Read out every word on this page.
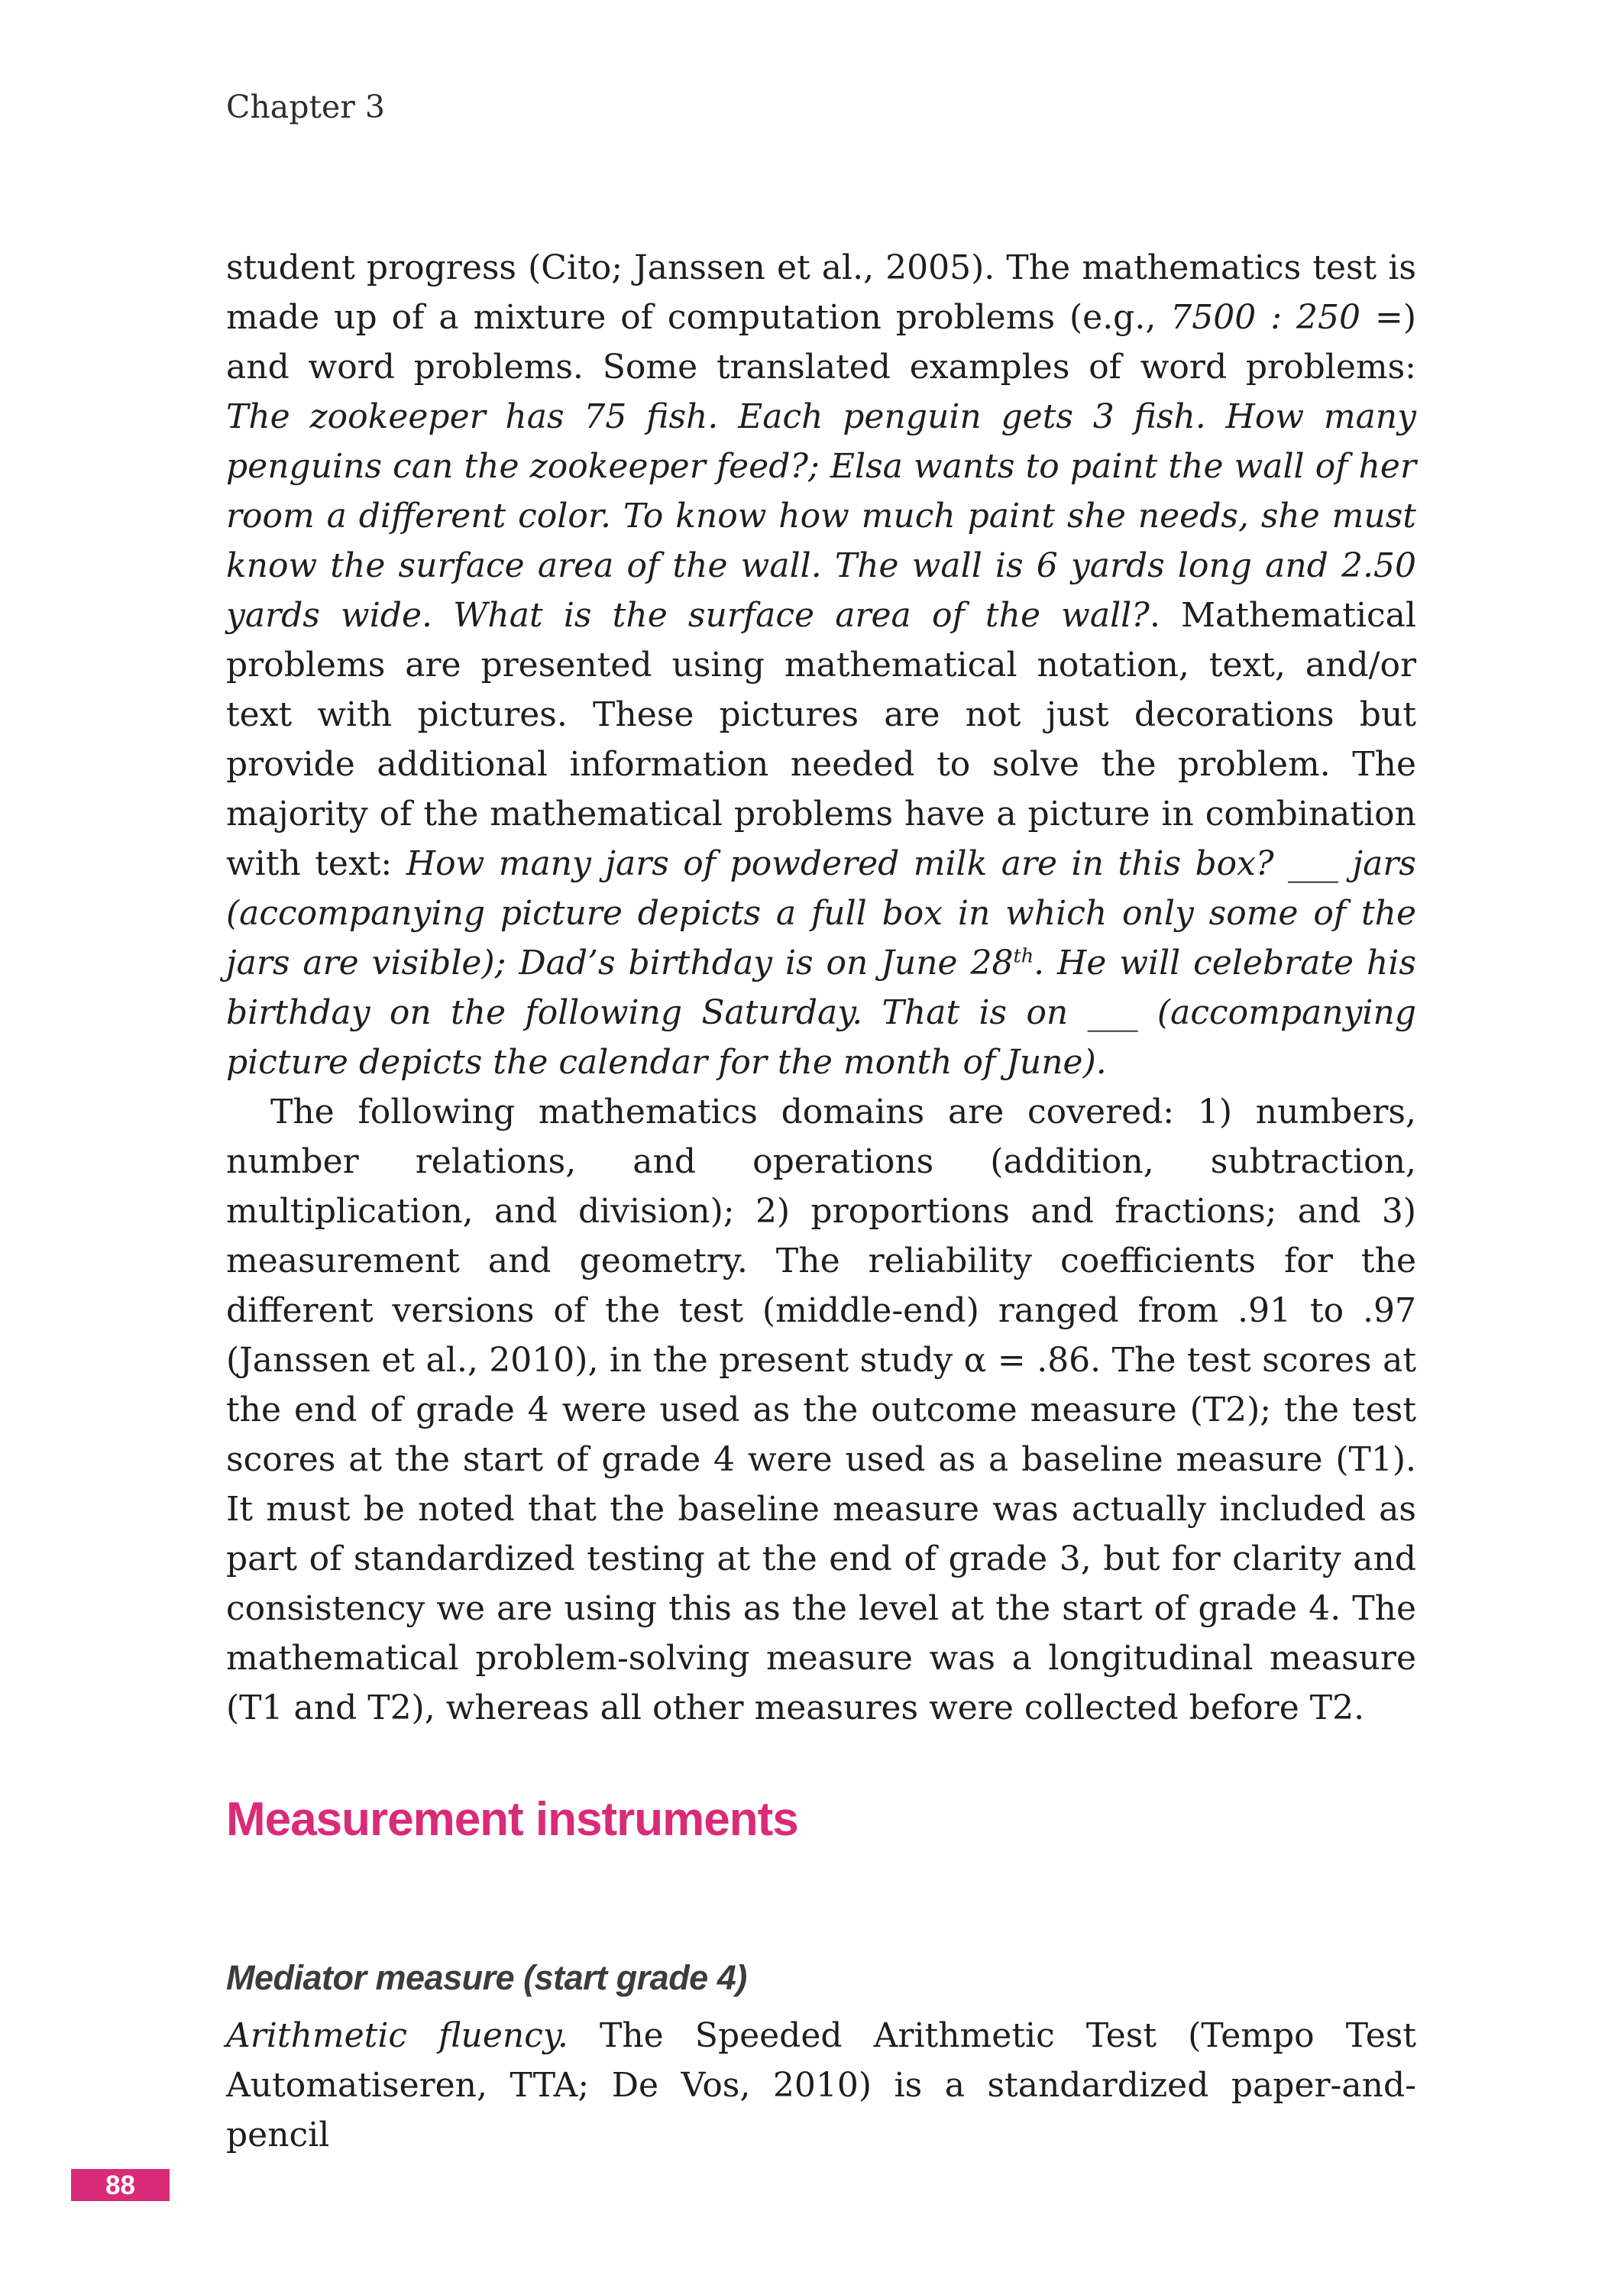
Chapter 3

student progress (Cito; Janssen et al., 2005). The mathematics test is made up of a mixture of computation problems (e.g., 7500 : 250 =) and word problems. Some translated examples of word problems: The zookeeper has 75 fish. Each penguin gets 3 fish. How many penguins can the zookeeper feed?; Elsa wants to paint the wall of her room a different color. To know how much paint she needs, she must know the surface area of the wall. The wall is 6 yards long and 2.50 yards wide. What is the surface area of the wall?. Mathematical problems are presented using mathematical notation, text, and/or text with pictures. These pictures are not just decorations but provide additional information needed to solve the problem. The majority of the mathematical problems have a picture in combination with text: How many jars of powdered milk are in this box? ___ jars (accompanying picture depicts a full box in which only some of the jars are visible); Dad’s birthday is on June 28th. He will celebrate his birthday on the following Saturday. That is on ___ (accompanying picture depicts the calendar for the month of June).

The following mathematics domains are covered: 1) numbers, number relations, and operations (addition, subtraction, multiplication, and division); 2) proportions and fractions; and 3) measurement and geometry. The reliability coefficients for the different versions of the test (middle-end) ranged from .91 to .97 (Janssen et al., 2010), in the present study α = .86. The test scores at the end of grade 4 were used as the outcome measure (T2); the test scores at the start of grade 4 were used as a baseline measure (T1). It must be noted that the baseline measure was actually included as part of standardized testing at the end of grade 3, but for clarity and consistency we are using this as the level at the start of grade 4. The mathematical problem-solving measure was a longitudinal measure (T1 and T2), whereas all other measures were collected before T2.

Measurement instruments
Mediator measure (start grade 4)

Arithmetic fluency. The Speeded Arithmetic Test (Tempo Test Automatiseren, TTA; De Vos, 2010) is a standardized paper-and-pencil

88
